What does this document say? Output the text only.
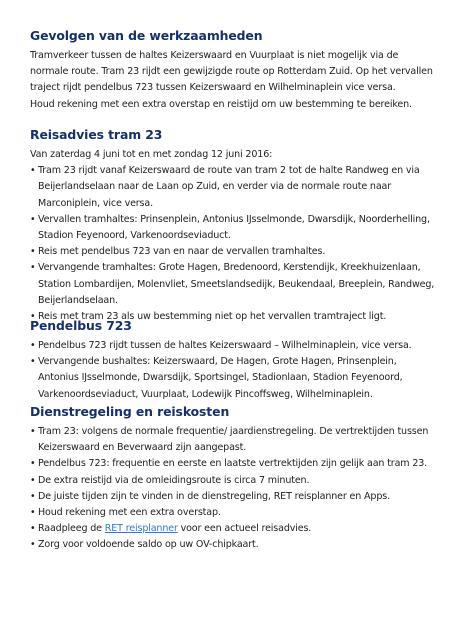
Gevolgen van de werkzaamheden

Tramverkeer tussen de haltes Keizerswaard en Vuurplaat is niet mogelijk via de normale route. Tram 23 rijdt een gewijzigde route op Rotterdam Zuid. Op het vervallen traject rijdt pendelbus 723 tussen Keizerswaard en Wilhelminaplein vice versa.

Houd rekening met een extra overstap en reistijd om uw bestemming te bereiken.

Reisadvies tram 23

Van zaterdag 4 juni tot en met zondag 12 juni 2016:

• Tram 23 rijdt vanaf Keizerswaard de route van tram 2 tot de halte Randweg en via Beijerlandselaan naar de Laan op Zuid, en verder via de normale route naar Marconiplein, vice versa.
• Vervallen tramhaltes: Prinsenplein, Antonius IJsselmonde, Dwarsdijk, Noorderhelling, Stadion Feyenoord, Varkenoordseviaduct.
• Reis met pendelbus 723 van en naar de vervallen tramhaltes.
• Vervangende tramhaltes: Grote Hagen, Bredenoord, Kerstendijk, Kreekhuizenlaan, Station Lombardijen, Molenvliet, Smeetslandsedijk, Beukendaal, Breeplein, Randweg, Beijerlandselaan.
• Reis met tram 23 als uw bestemming niet op het vervallen tramtraject ligt.
Pendelbus 723
• Pendelbus 723 rijdt tussen de haltes Keizerswaard – Wilhelminaplein, vice versa.
• Vervangende bushaltes: Keizerswaard, De Hagen, Grote Hagen, Prinsenplein, Antonius IJsselmonde, Dwarsdijk, Sportsingel, Stadionlaan, Stadion Feyenoord, Varkenoordseviaduct, Vuurplaat, Lodewijk Pincoffsweg, Wilhelminaplein.
Dienstregeling en reiskosten
• Tram 23: volgens de normale frequentie/ jaardienstregeling. De vertrektijden tussen Keizerswaard en Beverwaard zijn aangepast.
• Pendelbus 723: frequentie en eerste en laatste vertrektijden zijn gelijk aan tram 23.
• De extra reistijd via de omleidingsroute is circa 7 minuten.
• De juiste tijden zijn te vinden in de dienstregeling, RET reisplanner en Apps.
• Houd rekening met een extra overstap.
• Raadpleeg de RET reisplanner voor een actueel reisadvies.
• Zorg voor voldoende saldo op uw OV-chipkaart.
